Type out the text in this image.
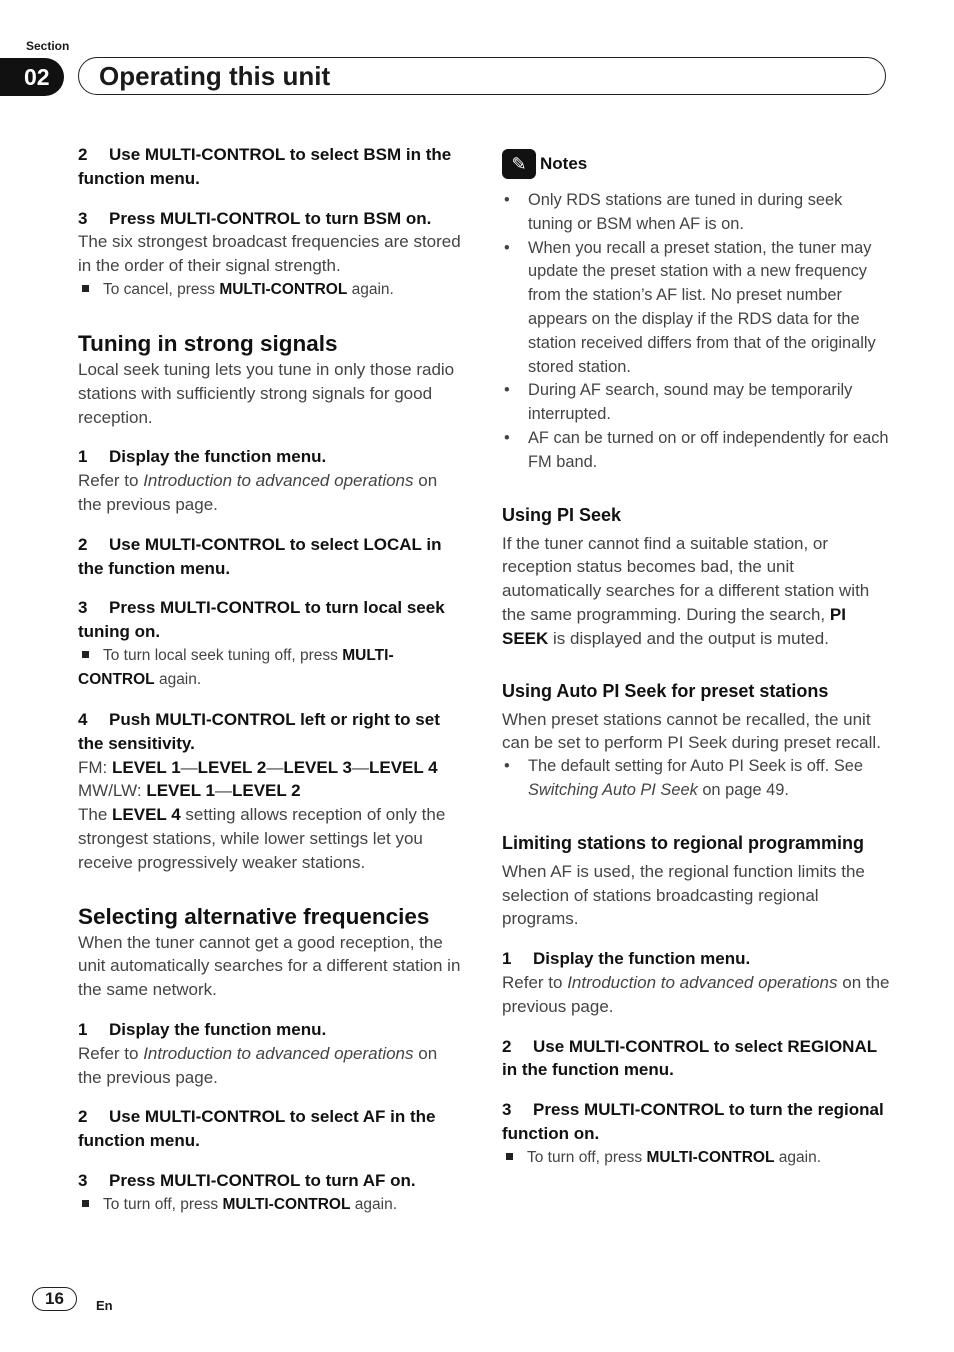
Section
02	Operating this unit

2 Use MULTI-CONTROL to select BSM in the function menu.

3 Press MULTI-CONTROL to turn BSM on.

The six strongest broadcast frequencies are stored in the order of their signal strength.

To cancel, press MULTI-CONTROL again.

Tuning in strong signals

Local seek tuning lets you tune in only those radio stations with sufficiently strong signals for good reception.

1 Display the function menu.

Refer to Introduction to advanced operations on the previous page.

2 Use MULTI-CONTROL to select LOCAL in the function menu.

3 Press MULTI-CONTROL to turn local seek tuning on.

To turn local seek tuning off, press MULTI-CONTROL again.

4 Push MULTI-CONTROL left or right to set the sensitivity.

FM: LEVEL 1—LEVEL 2—LEVEL 3—LEVEL 4

MW/LW: LEVEL 1—LEVEL 2

The LEVEL 4 setting allows reception of only the strongest stations, while lower settings let you receive progressively weaker stations.

Selecting alternative frequencies

When the tuner cannot get a good reception, the unit automatically searches for a different station in the same network.

1 Display the function menu.

Refer to Introduction to advanced operations on the previous page.

2 Use MULTI-CONTROL to select AF in the function menu.

3 Press MULTI-CONTROL to turn AF on.

To turn off, press MULTI-CONTROL again.

✎ Notes
• Only RDS stations are tuned in during seek tuning or BSM when AF is on.
• When you recall a preset station, the tuner may update the preset station with a new frequency from the station’s AF list. No preset number appears on the display if the RDS data for the station received differs from that of the originally stored station.
• During AF search, sound may be temporarily interrupted.
• AF can be turned on or off independently for each FM band.

Using PI Seek

If the tuner cannot find a suitable station, or reception status becomes bad, the unit automatically searches for a different station with the same programming. During the search, PI SEEK is displayed and the output is muted.

Using Auto PI Seek for preset stations

When preset stations cannot be recalled, the unit can be set to perform PI Seek during preset recall.

• The default setting for Auto PI Seek is off. See Switching Auto PI Seek on page 49.

Limiting stations to regional programming

When AF is used, the regional function limits the selection of stations broadcasting regional programs.

1 Display the function menu.

Refer to Introduction to advanced operations on the previous page.

2 Use MULTI-CONTROL to select REGIONAL in the function menu.

3 Press MULTI-CONTROL to turn the regional function on.

To turn off, press MULTI-CONTROL again.

16	En
